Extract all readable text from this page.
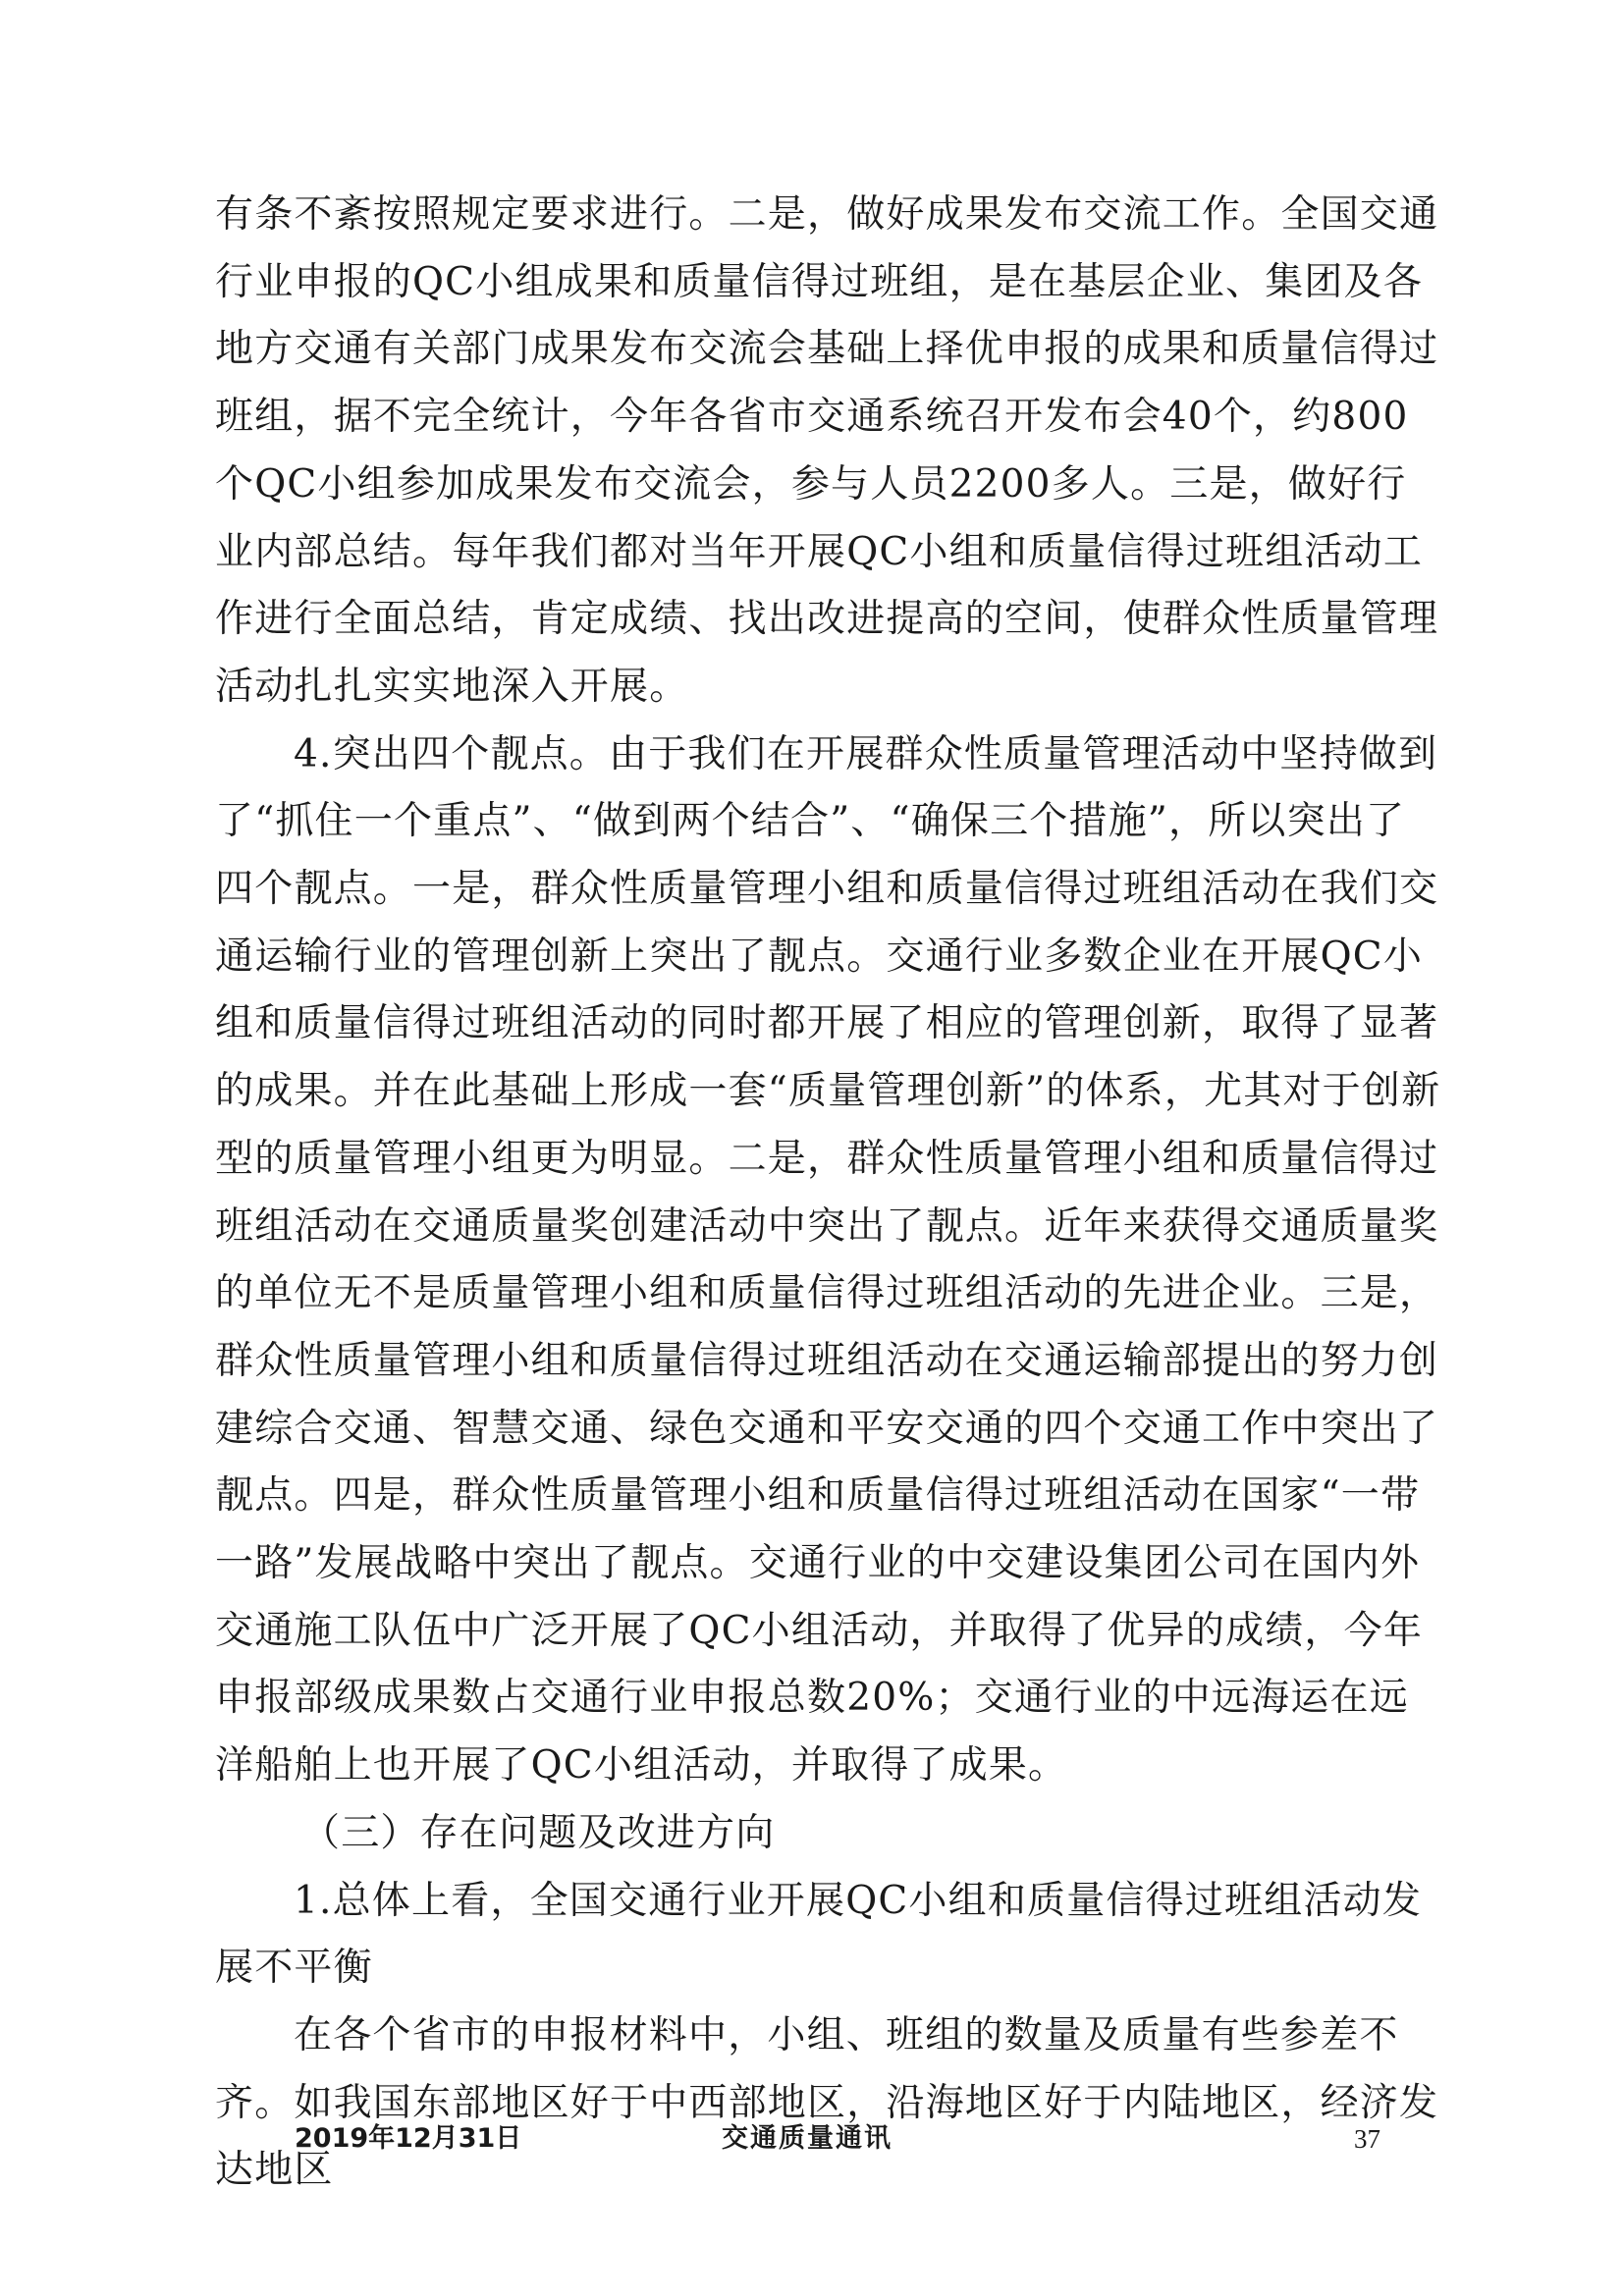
有条不紊按照规定要求进行。二是，做好成果发布交流工作。全国交通行业申报的QC小组成果和质量信得过班组，是在基层企业、集团及各地方交通有关部门成果发布交流会基础上择优申报的成果和质量信得过班组，据不完全统计，今年各省市交通系统召开发布会40个，约800个QC小组参加成果发布交流会，参与人员2200多人。三是，做好行业内部总结。每年我们都对当年开展QC小组和质量信得过班组活动工作进行全面总结，肯定成绩、找出改进提高的空间，使群众性质量管理活动扎扎实实地深入开展。

4.突出四个靓点。由于我们在开展群众性质量管理活动中坚持做到了“抓住一个重点”、“做到两个结合”、“确保三个措施”，所以突出了四个靓点。一是，群众性质量管理小组和质量信得过班组活动在我们交通运输行业的管理创新上突出了靓点。交通行业多数企业在开展QC小组和质量信得过班组活动的同时都开展了相应的管理创新，取得了显著的成果。并在此基础上形成一套“质量管理创新”的体系，尤其对于创新型的质量管理小组更为明显。二是，群众性质量管理小组和质量信得过班组活动在交通质量奖创建活动中突出了靓点。近年来获得交通质量奖的单位无不是质量管理小组和质量信得过班组活动的先进企业。三是，群众性质量管理小组和质量信得过班组活动在交通运输部提出的努力创建综合交通、智慧交通、绿色交通和平安交通的四个交通工作中突出了靓点。四是，群众性质量管理小组和质量信得过班组活动在国家“一带一路”发展战略中突出了靓点。交通行业的中交建设集团公司在国内外交通施工队伍中广泛开展了QC小组活动，并取得了优异的成绩，今年申报部级成果数占交通行业申报总数20%；交通行业的中远海运在远洋船舶上也开展了QC小组活动，并取得了成果。

（三）存在问题及改进方向

1.总体上看，全国交通行业开展QC小组和质量信得过班组活动发展不平衡

在各个省市的申报材料中，小组、班组的数量及质量有些参差不齐。如我国东部地区好于中西部地区，沿海地区好于内陆地区，经济发达地区

2019年12月31日	交通质量通讯	37
